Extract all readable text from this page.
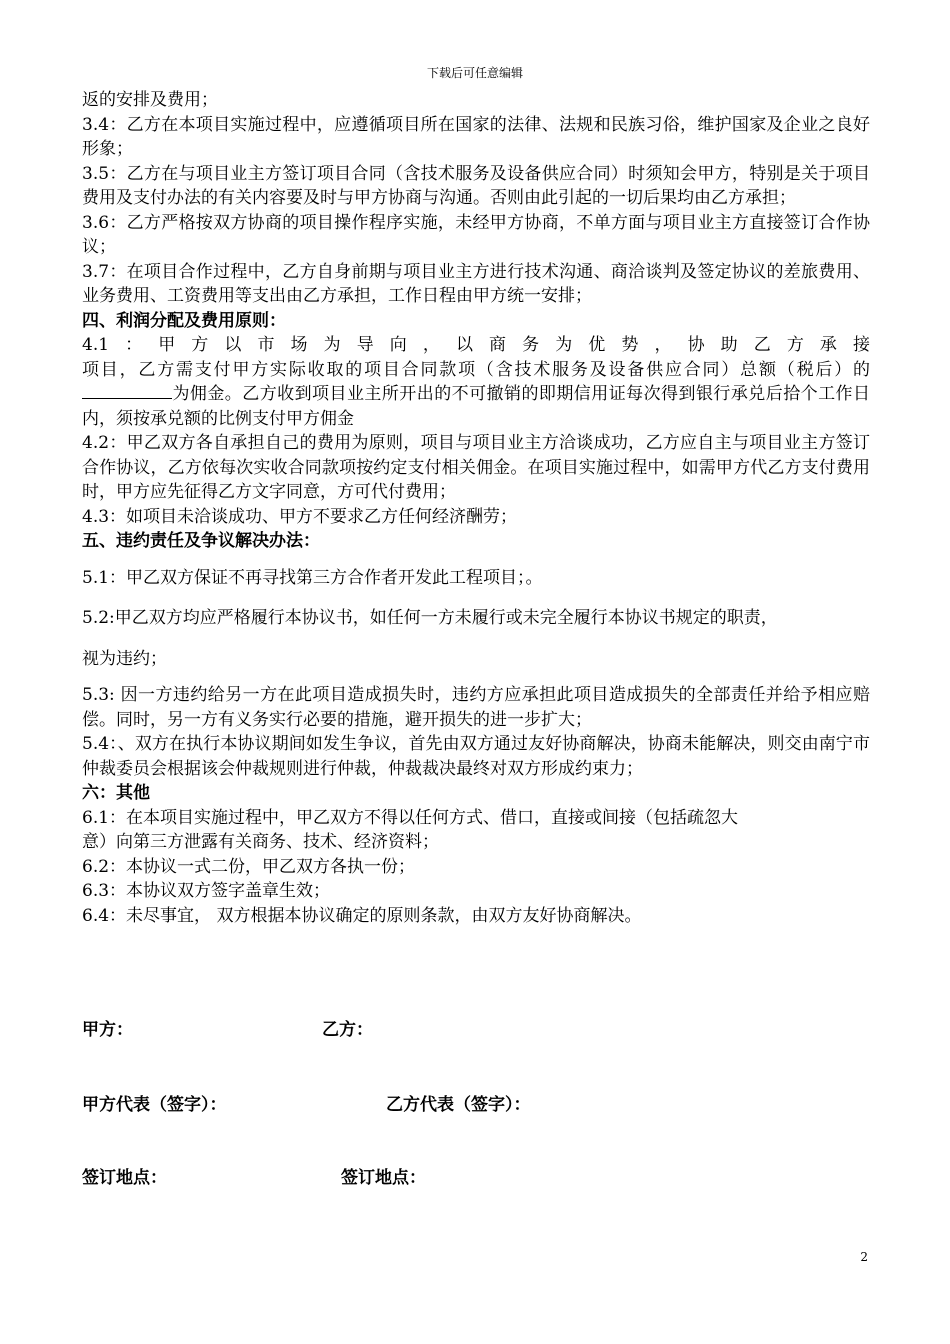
下载后可任意编辑

返的安排及费用；

3.4：乙方在本项目实施过程中，应遵循项目所在国家的法律、法规和民族习俗，维护国家及企业之良好形象；

3.5：乙方在与项目业主方签订项目合同（含技术服务及设备供应合同）时须知会甲方，特别是关于项目费用及支付办法的有关内容要及时与甲方协商与沟通。否则由此引起的一切后果均由乙方承担；

3.6：乙方严格按双方协商的项目操作程序实施，未经甲方协商，不单方面与项目业主方直接签订合作协议；

3.7：在项目合作过程中，乙方自身前期与项目业主方进行技术沟通、商洽谈判及签定协议的差旅费用、业务费用、工资费用等支出由乙方承担，工作日程由甲方统一安排；

四、利润分配及费用原则：

4.1：甲方以市场为导向，以商务为优势，协助乙方承接

项目，乙方需支付甲方实际收取的项目合同款项（含技术服务及设备供应合同）总额（税后）的为佣金。乙方收到项目业主所开出的不可撤销的即期信用证每次得到银行承兑后拾个工作日内，须按承兑额的比例支付甲方佣金

4.2：甲乙双方各自承担自己的费用为原则，项目与项目业主方洽谈成功，乙方应自主与项目业主方签订合作协议，乙方依每次实收合同款项按约定支付相关佣金。在项目实施过程中，如需甲方代乙方支付费用时，甲方应先征得乙方文字同意，方可代付费用；

4.3：如项目未洽谈成功、甲方不要求乙方任何经济酬劳；

五、违约责任及争议解决办法：

5.1：甲乙双方保证不再寻找第三方合作者开发此工程项目；。

5.2:甲乙双方均应严格履行本协议书，如任何一方未履行或未完全履行本协议书规定的职责，

视为违约；

5.3: 因一方违约给另一方在此项目造成损失时，违约方应承担此项目造成损失的全部责任并给予相应赔偿。同时，另一方有义务实行必要的措施，避开损失的进一步扩大；

5.4：、双方在执行本协议期间如发生争议，首先由双方通过友好协商解决，协商未能解决，则交由南宁市仲裁委员会根据该会仲裁规则进行仲裁，仲裁裁决最终对双方形成约束力；

六：其他

6.1：在本项目实施过程中，甲乙双方不得以任何方式、借口，直接或间接（包括疏忽大

意）向第三方泄露有关商务、技术、经济资料；

6.2：本协议一式二份，甲乙双方各执一份；

6.3：本协议双方签字盖章生效；

6.4：未尽事宜， 双方根据本协议确定的原则条款，由双方友好协商解决。

甲方：	乙方：
甲方代表（签字）：	乙方代表（签字）：
签订地点：	签订地点：
2
